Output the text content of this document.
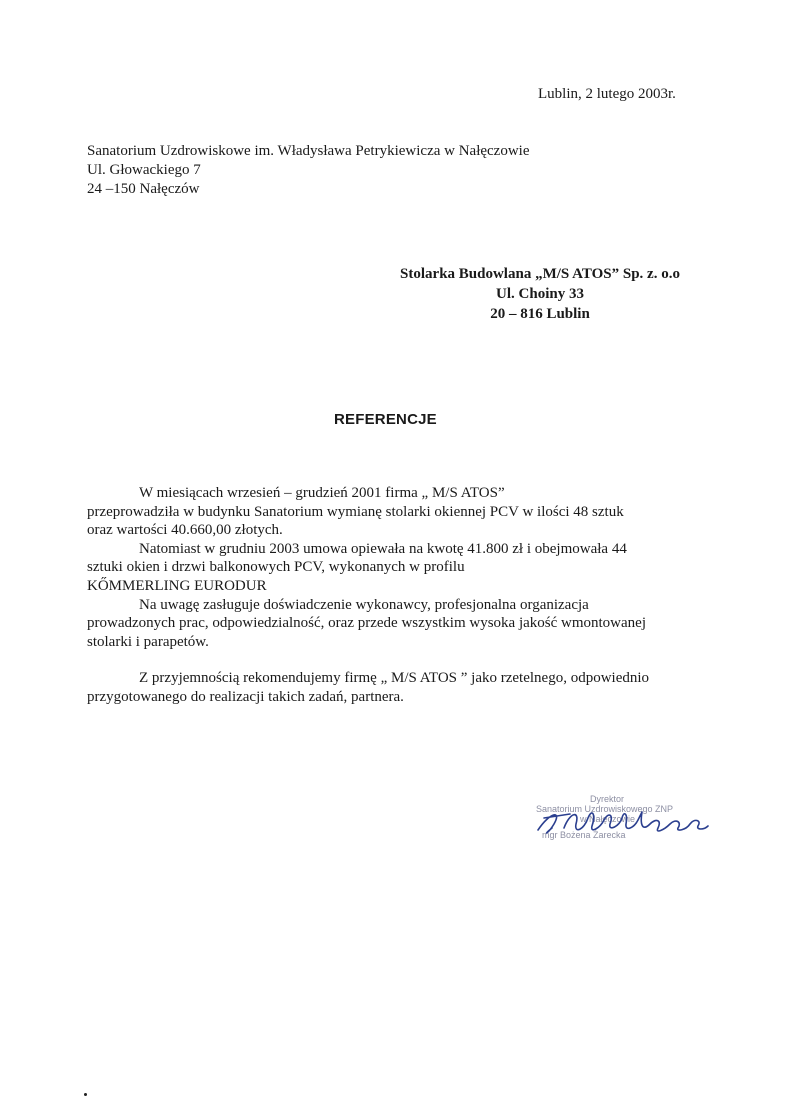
Lublin, 2 lutego 2003r.
Sanatorium Uzdrowiskowe im. Władysława Petrykiewicza w Nałęczowie
Ul. Głowackiego 7
24 –150 Nałęczów
Stolarka Budowlana „M/S ATOS” Sp. z. o.o
Ul. Choiny 33
20 – 816 Lublin
REFERENCJE
W miesiącach wrzesień – grudzień 2001 firma „ M/S ATOS”
przeprowadziła w budynku Sanatorium wymianę stolarki okiennej PCV w ilości 48 sztuk
oraz wartości 40.660,00 złotych.
Natomiast w grudniu 2003 umowa opiewała na kwotę 41.800 zł i obejmowała 44
sztuki okien i drzwi balkonowych PCV, wykonanych w profilu
KŐMMERLING EURODUR
Na uwagę zasługuje doświadczenie wykonawcy, profesjonalna organizacja
prowadzonych prac, odpowiedzialność, oraz przede wszystkim wysoka jakość wmontowanej
stolarki i parapetów.
Z przyjemnością rekomendujemy firmę „ M/S ATOS ” jako rzetelnego, odpowiednio
przygotowanego do realizacji takich zadań, partnera.
Dyrektor
Sanatorium Uzdrowiskowego ZNP
w Nałęczowie
mgr Bożena Żarecka
